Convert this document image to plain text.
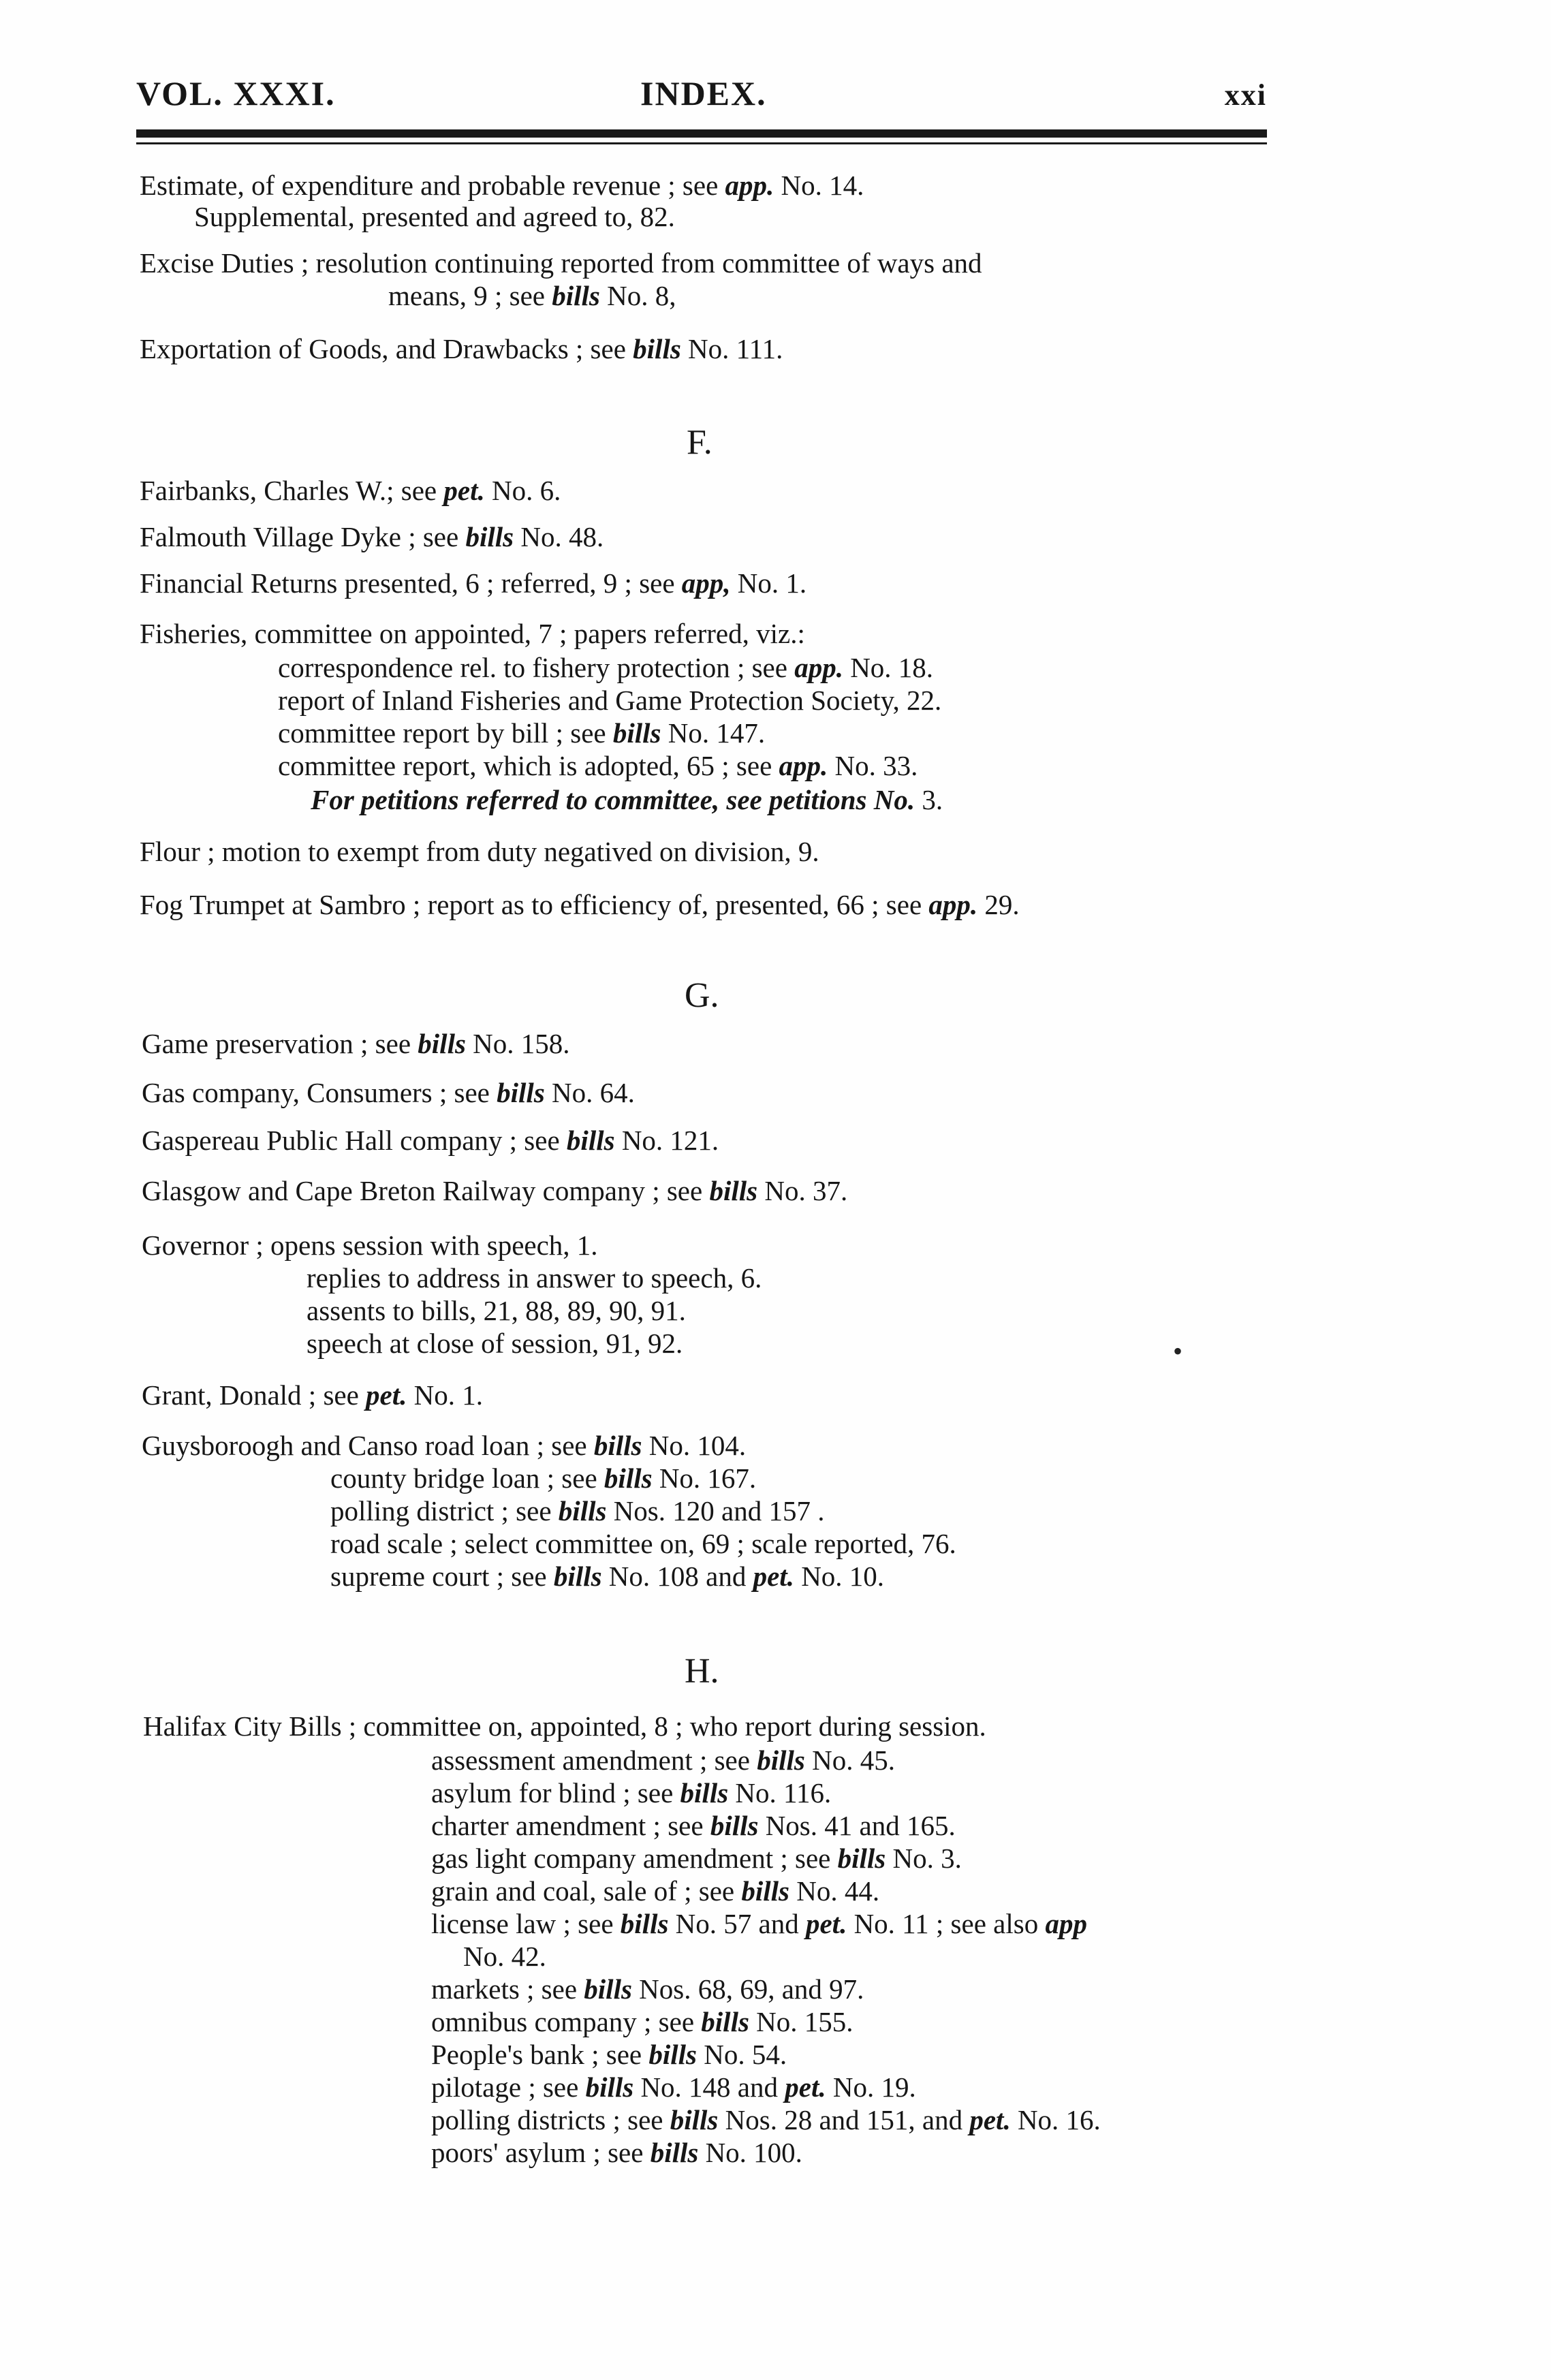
VOL. XXXI.	INDEX.	xxi
Estimate, of expenditure and probable revenue ; see app. No. 14.
Supplemental, presented and agreed to, 82.
Excise Duties ; resolution continuing reported from committee of ways and
means, 9 ; see bills No. 8,
Exportation of Goods, and Drawbacks ; see bills No. 111.
F.
Fairbanks, Charles W.; see pet. No. 6.
Falmouth Village Dyke ; see bills No. 48.
Financial Returns presented, 6 ; referred, 9 ; see app, No. 1.
Fisheries, committee on appointed, 7 ; papers referred, viz.:
correspondence rel. to fishery protection ; see app. No. 18.
report of Inland Fisheries and Game Protection Society, 22.
committee report by bill ; see bills No. 147.
committee report, which is adopted, 65 ; see app. No. 33.
For petitions referred to committee, see petitions No. 3.
Flour ; motion to exempt from duty negatived on division, 9.
Fog Trumpet at Sambro ; report as to efficiency of, presented, 66 ; see app. 29.
G.
Game preservation ; see bills No. 158.
Gas company, Consumers ; see bills No. 64.
Gaspereau Public Hall company ; see bills No. 121.
Glasgow and Cape Breton Railway company ; see bills No. 37.
Governor ; opens session with speech, 1.
replies to address in answer to speech, 6.
assents to bills, 21, 88, 89, 90, 91.
speech at close of session, 91, 92.
Grant, Donald ; see pet. No. 1.
Guysboroogh and Canso road loan ; see bills No. 104.
county bridge loan ; see bills No. 167.
polling district ; see bills Nos. 120 and 157 .
road scale ; select committee on, 69 ; scale reported, 76.
supreme court ; see bills No. 108 and pet. No. 10.
H.
Halifax City Bills ; committee on, appointed, 8 ; who report during session.
assessment amendment ; see bills No. 45.
asylum for blind ; see bills No. 116.
charter amendment ; see bills Nos. 41 and 165.
gas light company amendment ; see bills No. 3.
grain and coal, sale of ; see bills No. 44.
license law ; see bills No. 57 and pet. No. 11 ; see also app
No. 42.
markets ; see bills Nos. 68, 69, and 97.
omnibus company ; see bills No. 155.
People's bank ; see bills No. 54.
pilotage ; see bills No. 148 and pet. No. 19.
polling districts ; see bills Nos. 28 and 151, and pet. No. 16.
poors' asylum ; see bills No. 100.
•
